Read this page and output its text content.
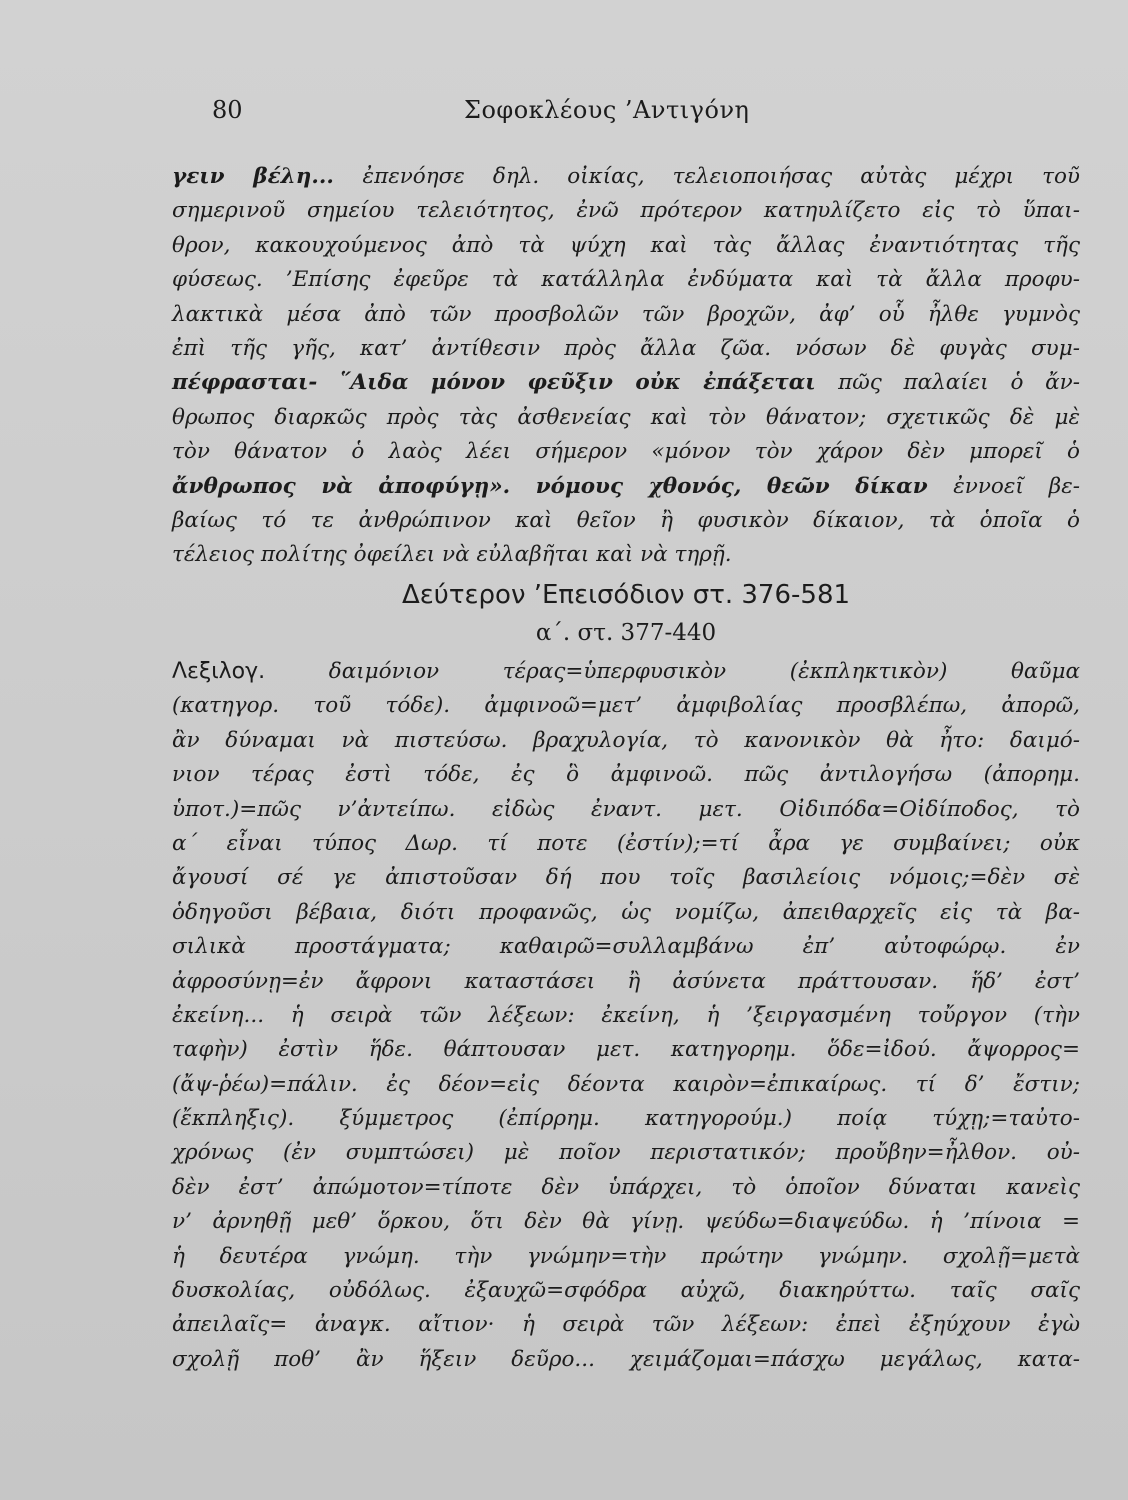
80	Σοφοκλέους ’Αντιγόνη
γειν βέλη... ἐπενόησε δηλ. οἰκίας, τελειοποιήσας αὐτὰς μέχρι τοῦ
σημερινοῦ σημείου τελειότητος, ἐνῶ πρότερον κατηυλίζετο εἰς τὸ ὕπαι-
θρον, κακουχούμενος ἀπὸ τὰ ψύχη καὶ τὰς ἄλλας ἐναντιότητας τῆς
φύσεως. ’Επίσης ἐφεῦρε τὰ κατάλληλα ἐνδύματα καὶ τὰ ἄλλα προφυ-
λακτικὰ μέσα ἀπὸ τῶν προσβολῶν τῶν βροχῶν, ἀφ’ οὗ ἦλθε γυμνὸς
ἐπὶ τῆς γῆς, κατ’ ἀντίθεσιν πρὸς ἄλλα ζῶα. νόσων δὲ φυγὰς συμ-
πέφρασται- ῞Αιδα μόνον φεῦξιν οὐκ ἐπάξεται πῶς παλαίει ὁ ἄν-
θρωπος διαρκῶς πρὸς τὰς ἀσθενείας καὶ τὸν θάνατον; σχετικῶς δὲ μὲ
τὸν θάνατον ὁ λαὸς λέει σήμερον «μόνον τὸν χάρον δὲν μπορεῖ ὁ
ἄνθρωπος νὰ ἀποφύγῃ». νόμους χθονός, θεῶν δίκαν ἐννοεῖ βε-
βαίως τό τε ἀνθρώπινον καὶ θεῖον ἢ φυσικὸν δίκαιον, τὰ ὁποῖα ὁ
τέλειος πολίτης ὀφείλει νὰ εὐλαβῆται καὶ νὰ τηρῇ.
Δεύτερον ’Επεισόδιον στ. 376-581
α΄. στ. 377-440
Λεξιλογ. δαιμόνιον τέρας=ὑπερφυσικὸν (ἐκπληκτικὸν) θαῦμα
(κατηγορ. τοῦ τόδε). ἀμφινοῶ=μετ’ ἀμφιβολίας προσβλέπω, ἀπορῶ,
ἂν δύναμαι νὰ πιστεύσω. βραχυλογία, τὸ κανονικὸν θὰ ἦτο: δαιμό-
νιον τέρας ἐστὶ τόδε, ἐς ὃ ἀμφινοῶ. πῶς ἀντιλογήσω (ἀπορημ.
ὑποτ.)=πῶς ν’ἀντείπω. εἰδὼς ἐναντ. μετ. Οἰδιπόδα=Οἰδίποδος, τὸ
α΄ εἶναι τύπος Δωρ. τί ποτε (ἐστίν);=τί ἆρα γε συμβαίνει; οὐκ
ἄγουσί σέ γε ἀπιστοῦσαν δή που τοῖς βασιλείοις νόμοις;=δὲν σὲ
ὁδηγοῦσι βέβαια, διότι προφανῶς, ὡς νομίζω, ἀπειθαρχεῖς εἰς τὰ βα-
σιλικὰ προστάγματα; καθαιρῶ=συλλαμβάνω ἐπ’ αὐτοφώρῳ. ἐν
ἀφροσύνῃ=ἐν ἄφρονι καταστάσει ἢ ἀσύνετα πράττουσαν. ἥδ’ ἐστ’
ἐκείνη... ἡ σειρὰ τῶν λέξεων: ἐκείνη, ἡ ’ξειργασμένη τοὔργον (τὴν
ταφὴν) ἐστὶν ἥδε. θάπτουσαν μετ. κατηγορημ. ὅδε=ἰδού. ἄψορρος=
(ἄψ-ῥέω)=πάλιν. ἐς δέον=εἰς δέοντα καιρὸν=ἐπικαίρως. τί δ’ ἔστιν;
(ἔκπληξις). ξύμμετρος (ἐπίρρημ. κατηγορούμ.) ποίᾳ τύχῃ;=ταὐτο-
χρόνως (ἐν συμπτώσει) μὲ ποῖον περιστατικόν; προὔβην=ἦλθον. οὐ-
δὲν ἐστ’ ἀπώμοτον=τίποτε δὲν ὑπάρχει, τὸ ὁποῖον δύναται κανεὶς
ν’ ἀρνηθῇ μεθ’ ὅρκου, ὅτι δὲν θὰ γίνῃ. ψεύδω=διαψεύδω. ἡ ’πίνοια =
ἡ δευτέρα γνώμη. τὴν γνώμην=τὴν πρώτην γνώμην. σχολῇ=μετὰ
δυσκολίας, οὐδόλως. ἐξαυχῶ=σφόδρα αὐχῶ, διακηρύττω. ταῖς σαῖς
ἀπειλαῖς= ἀναγκ. αἴτιον· ἡ σειρὰ τῶν λέξεων: ἐπεὶ ἐξηύχουν ἐγὼ
σχολῇ ποθ’ ἂν ἥξειν δεῦρο... χειμάζομαι=πάσχω μεγάλως, κατα-
